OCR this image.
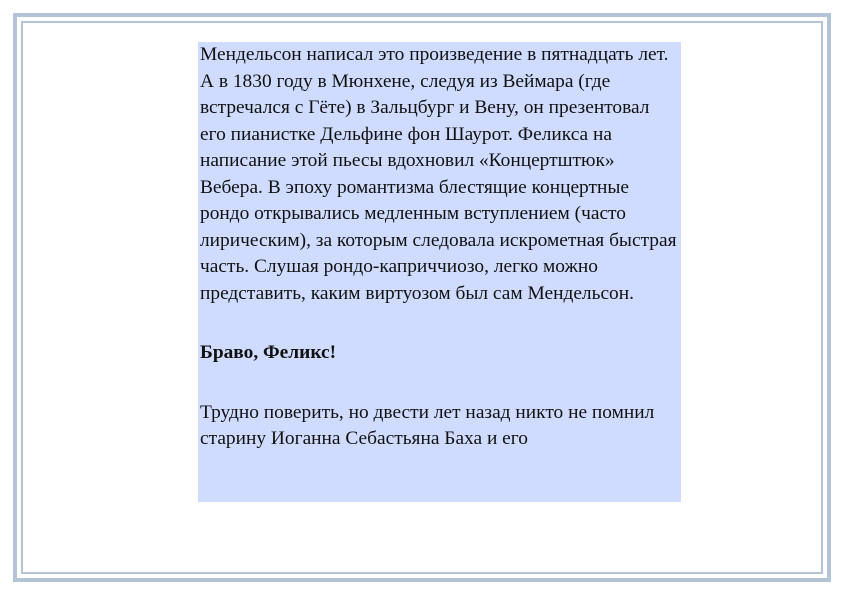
Мендельсон написал это произведение в пятнадцать лет. А в 1830 году в Мюнхене, следуя из Веймара (где встречался с Гёте) в Зальцбург и Вену, он презентовал его пианистке Дельфине фон Шаурот. Феликса на написание этой пьесы вдохновил «Концертштюк» Вебера. В эпоху романтизма блестящие концертные рондо открывались медленным вступлением (часто лирическим), за которым следовала искрометная быстрая часть. Слушая рондо-каприччиозо, легко можно представить, каким виртуозом был сам Мендельсон.

Браво, Феликс!

Трудно поверить, но двести лет назад никто не помнил старину Иоганна Себастьяна Баха и его
